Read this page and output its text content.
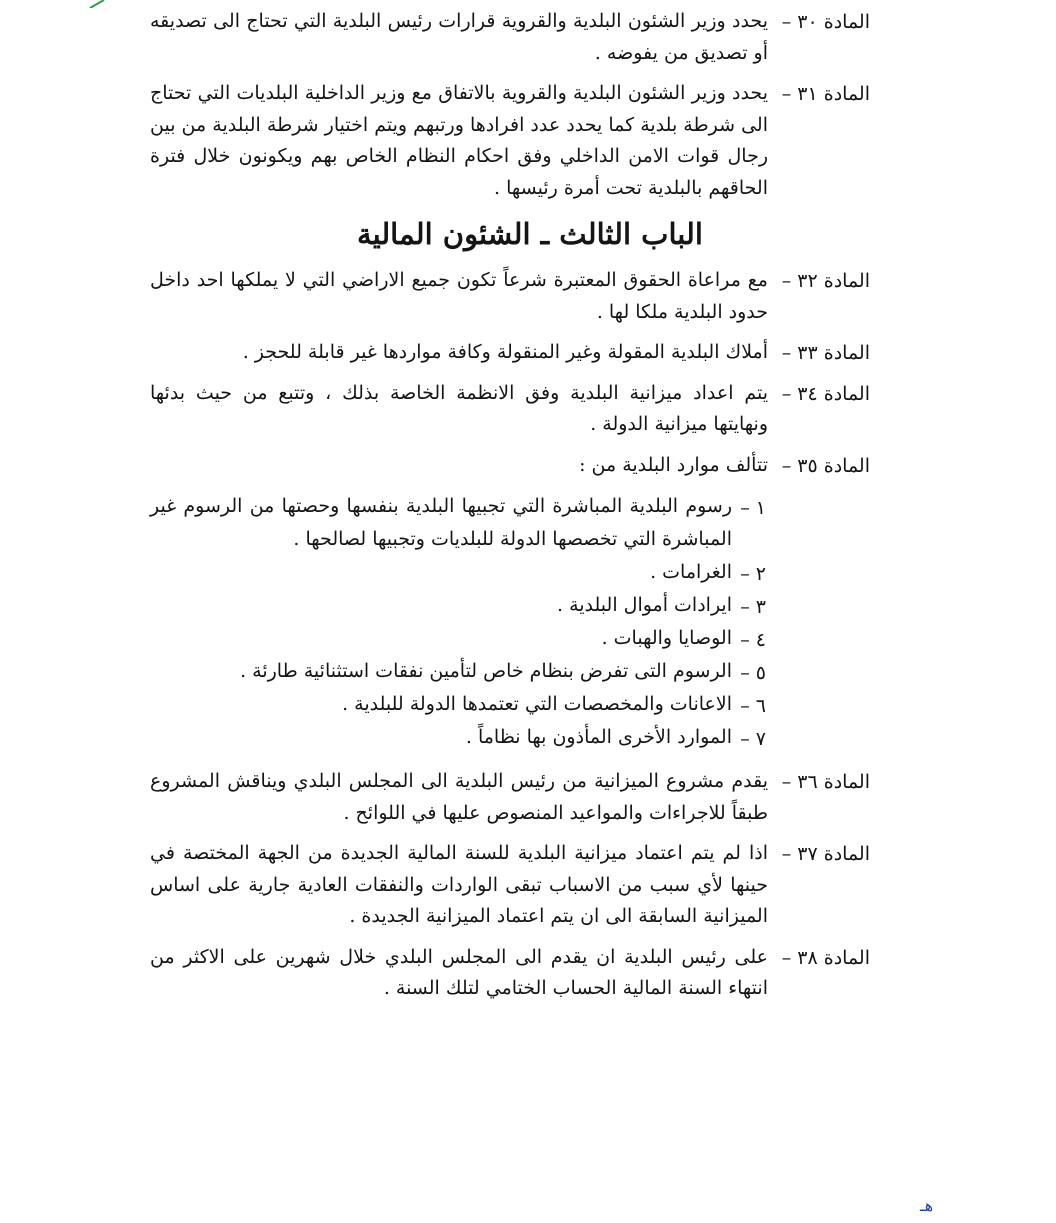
المادة ٣٠ –
يحدد وزير الشئون البلدية والقروية قرارات رئيس البلدية التي تحتاج الى تصديقه أو تصديق من يفوضه .
المادة ٣١ –
يحدد وزير الشئون البلدية والقروية بالاتفاق مع وزير الداخلية البلديات التي تحتاج الى شرطة بلدية كما يحدد عدد افرادها ورتبهم ويتم اختيار شرطة البلدية من بين رجال قوات الامن الداخلي وفق احكام النظام الخاص بهم ويكونون خلال فترة الحاقهم بالبلدية تحت أمرة رئيسها .
الباب الثالث ـ الشئون المالية
المادة ٣٢ –
مع مراعاة الحقوق المعتبرة شرعاً تكون جميع الاراضي التي لا يملكها احد داخل حدود البلدية ملكا لها .
المادة ٣٣ –
أملاك البلدية المقولة وغير المنقولة وكافة مواردها غير قابلة للحجز .
المادة ٣٤ –
يتم اعداد ميزانية البلدية وفق الانظمة الخاصة بذلك ، وتتبع من حيث بدئها ونهايتها ميزانية الدولة .
المادة ٣٥ –
تتألف موارد البلدية من :
١ –
رسوم البلدية المباشرة التي تجبيها البلدية بنفسها وحصتها من الرسوم غير المباشرة التي تخصصها الدولة للبلديات وتجبيها لصالحها .
٢ –
الغرامات .
٣ –
ايرادات أموال البلدية .
٤ –
الوصايا والهبات .
٥ –
الرسوم التى تفرض بنظام خاص لتأمين نفقات استثنائية طارئة .
٦ –
الاعانات والمخصصات التي تعتمدها الدولة للبلدية .
٧ –
الموارد الأخرى المأذون بها نظاماً .
المادة ٣٦ –
يقدم مشروع الميزانية من رئيس البلدية الى المجلس البلدي ويناقش المشروع طبقاً للاجراءات والمواعيد المنصوص عليها في اللوائح .
المادة ٣٧ –
اذا لم يتم اعتماد ميزانية البلدية للسنة المالية الجديدة من الجهة المختصة في حينها لأي سبب من الاسباب تبقى الواردات والنفقات العادية جارية على اساس الميزانية السابقة الى ان يتم اعتماد الميزانية الجديدة .
المادة ٣٨ –
على رئيس البلدية ان يقدم الى المجلس البلدي خلال شهرين على الاكثر من انتهاء السنة المالية الحساب الختامي لتلك السنة .
هـ
